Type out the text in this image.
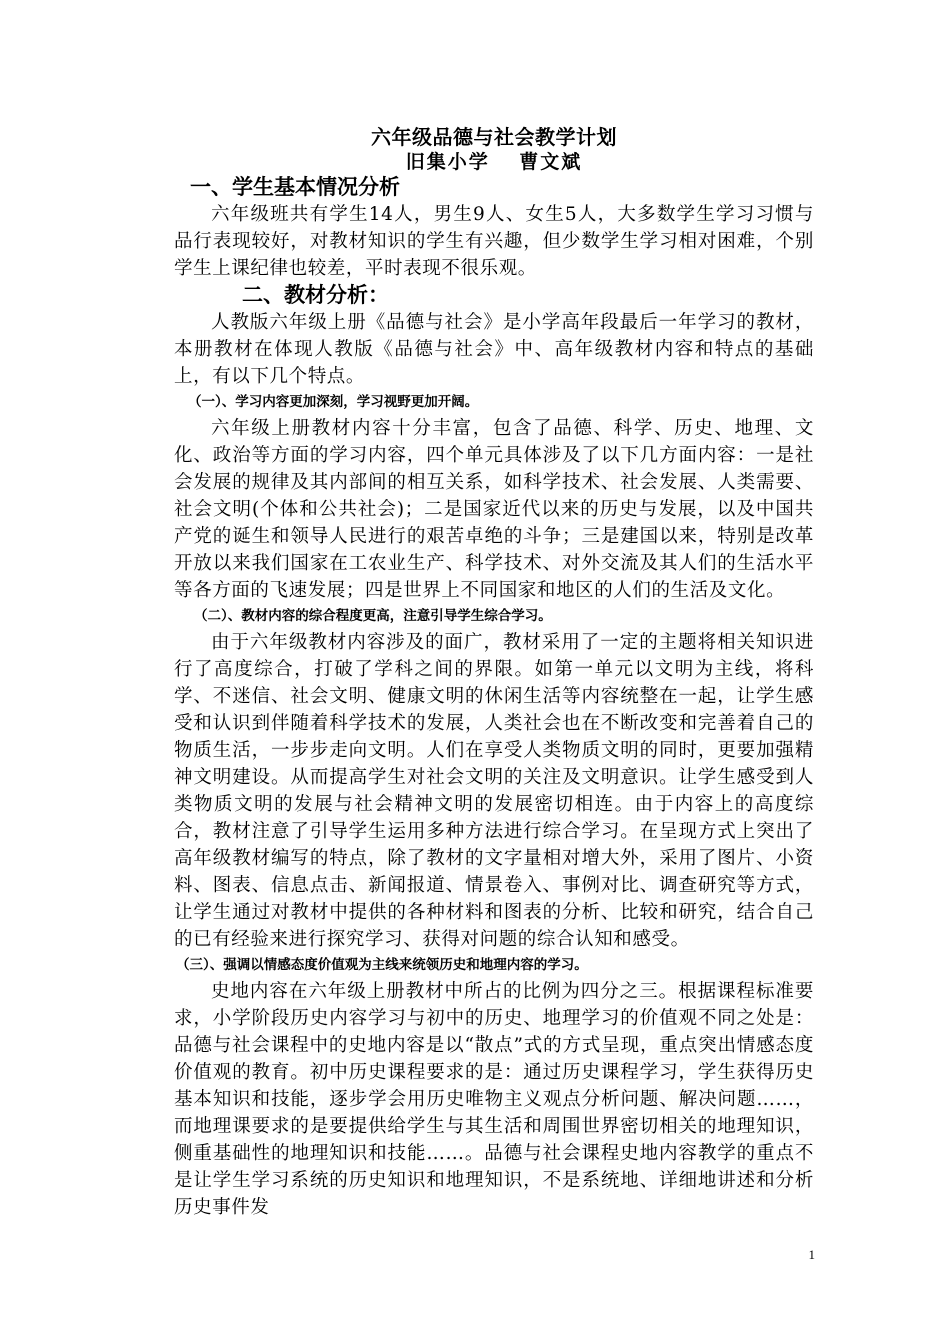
六年级品德与社会教学计划
旧集小学　 曹文斌
一、学生基本情况分析

六年级班共有学生14人，男生9人、女生5人，大多数学生学习习惯与品行表现较好，对教材知识的学生有兴趣，但少数学生学习相对困难，个别学生上课纪律也较差，平时表现不很乐观。

二、教材分析：

人教版六年级上册《品德与社会》是小学高年段最后一年学习的教材，本册教材在体现人教版《品德与社会》中、高年级教材内容和特点的基础上，有以下几个特点。

（一）、学习内容更加深刻，学习视野更加开阔。

六年级上册教材内容十分丰富，包含了品德、科学、历史、地理、文化、政治等方面的学习内容，四个单元具体涉及了以下几方面内容：一是社会发展的规律及其内部间的相互关系，如科学技术、社会发展、人类需要、社会文明(个体和公共社会)；二是国家近代以来的历史与发展，以及中国共产党的诞生和领导人民进行的艰苦卓绝的斗争；三是建国以来，特别是改革开放以来我们国家在工农业生产、科学技术、对外交流及其人们的生活水平等各方面的飞速发展；四是世界上不同国家和地区的人们的生活及文化。

（二）、教材内容的综合程度更高，注意引导学生综合学习。

由于六年级教材内容涉及的面广，教材采用了一定的主题将相关知识进行了高度综合，打破了学科之间的界限。如第一单元以文明为主线，将科学、不迷信、社会文明、健康文明的休闲生活等内容统整在一起，让学生感受和认识到伴随着科学技术的发展，人类社会也在不断改变和完善着自己的物质生活，一步步走向文明。人们在享受人类物质文明的同时，更要加强精神文明建设。从而提高学生对社会文明的关注及文明意识。让学生感受到人类物质文明的发展与社会精神文明的发展密切相连。由于内容上的高度综合，教材注意了引导学生运用多种方法进行综合学习。在呈现方式上突出了高年级教材编写的特点，除了教材的文字量相对增大外，采用了图片、小资料、图表、信息点击、新闻报道、情景卷入、事例对比、调查研究等方式，让学生通过对教材中提供的各种材料和图表的分析、比较和研究，结合自己的已有经验来进行探究学习、获得对问题的综合认知和感受。

（三）、强调以情感态度价值观为主线来统领历史和地理内容的学习。

史地内容在六年级上册教材中所占的比例为四分之三。根据课程标准要求，小学阶段历史内容学习与初中的历史、地理学习的价值观不同之处是：品德与社会课程中的史地内容是以“散点”式的方式呈现，重点突出情感态度价值观的教育。初中历史课程要求的是：通过历史课程学习，学生获得历史基本知识和技能，逐步学会用历史唯物主义观点分析问题、解决问题……，而地理课要求的是要提供给学生与其生活和周围世界密切相关的地理知识，侧重基础性的地理知识和技能……。品德与社会课程史地内容教学的重点不是让学生学习系统的历史知识和地理知识，不是系统地、详细地讲述和分析历史事件发

1
